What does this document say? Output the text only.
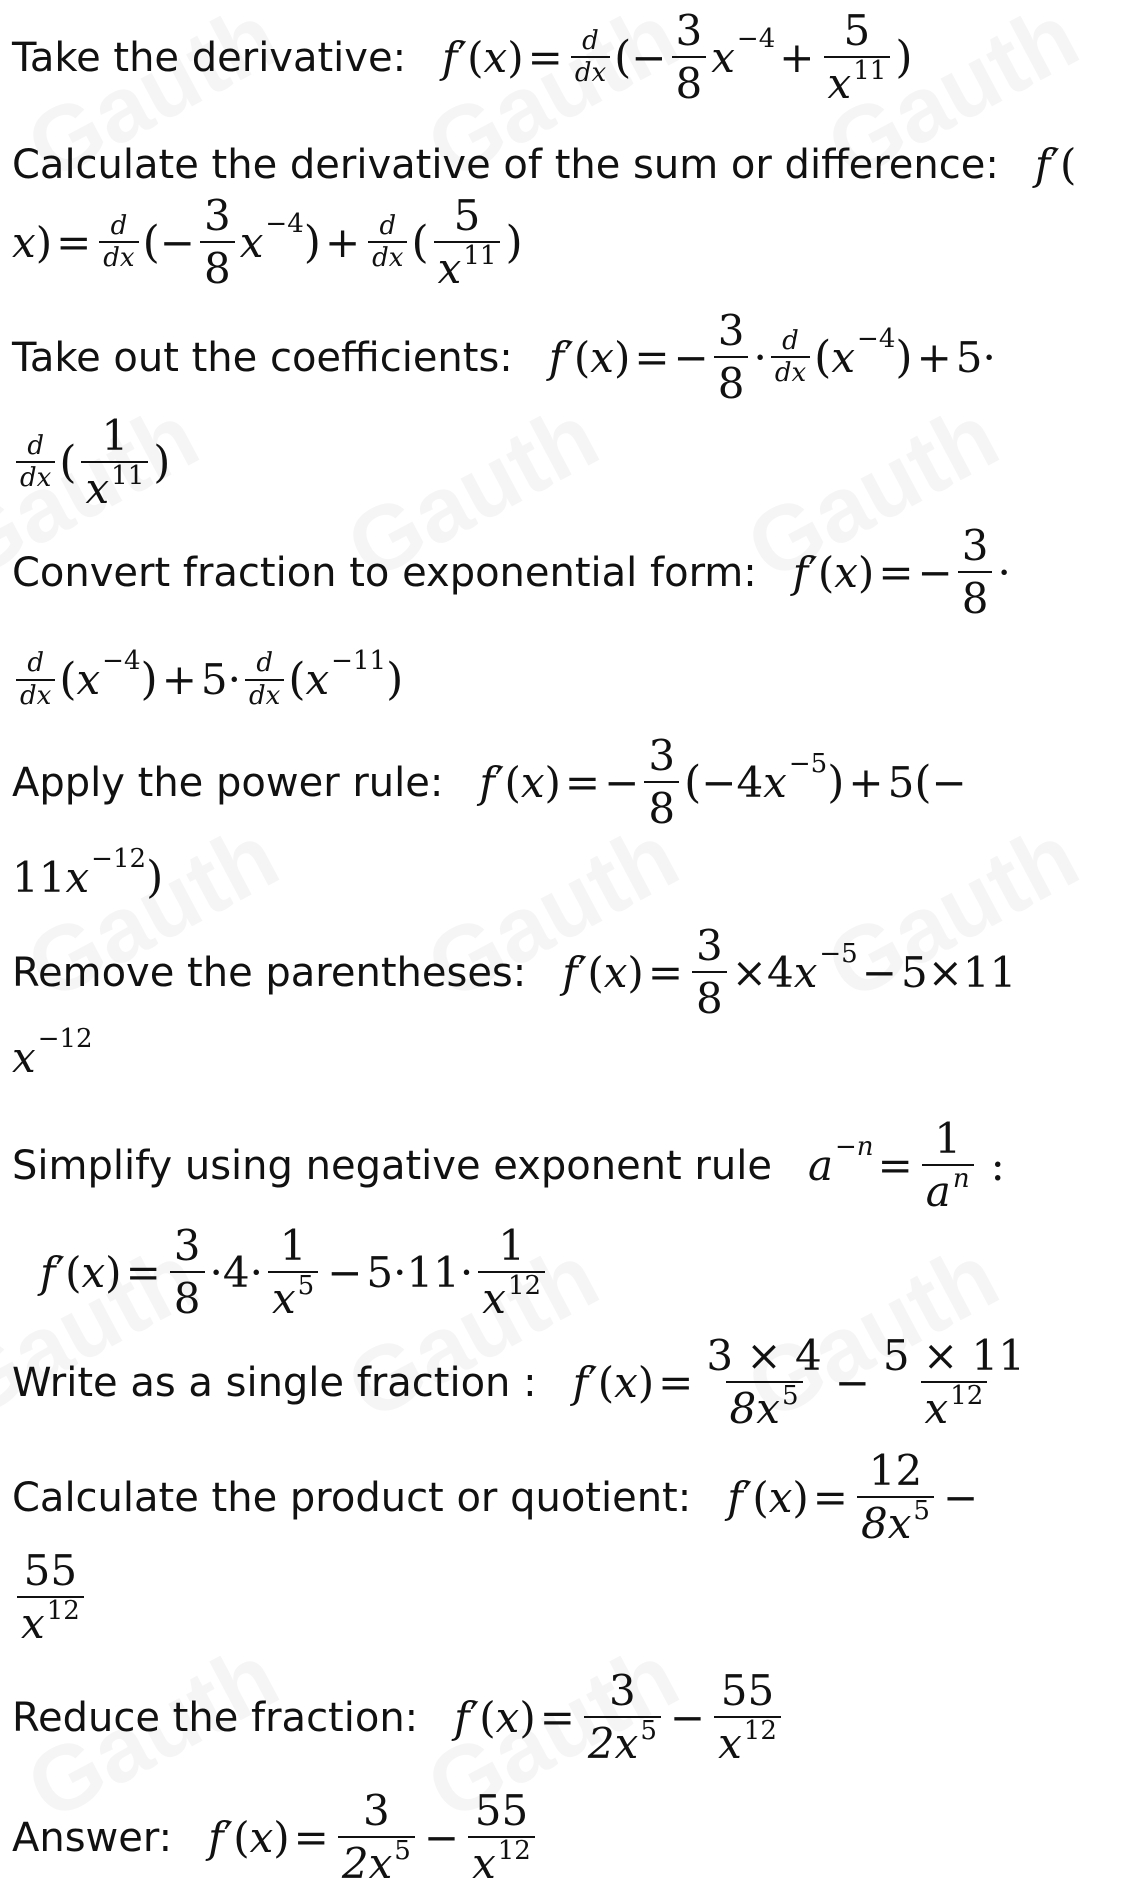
Take the derivative: f ′ ( x ) = $\frac{d}{dx}$ ( − $\frac{3}{8}$ $x -4 + \frac{5}{x^{11}}$ )
Calculate the derivative of the sum or difference: f ′ (
x ) = $\frac{d}{dx}$ ( − $\frac{3}{8}$ x −4 ) + $\frac{d}{dx}$ ( $\frac{5}{x^{11}}$ )
Take out the coefficients: f ′ ( x ) = − $\frac{3}{8} \cdot \frac{d}{dx}$ ( x −4 ) + 5·
$\frac{d}{dx}$ ( $\frac{1}{x^{11}}$ )
Convert fraction to exponential form: f ′ ( x ) = − $\frac{3}{8}$ ·
$\frac{d}{dx}$ ( x −4 ) + $5\cdot \frac{d}{dx}$ ( x −11 )
Apply the power rule: f ′ ( x ) = − $\frac{3}{8}$ ( − 4 x −5 ) + 5 ( −
11 x −12 )
Remove the parentheses: f ′ ( x ) = $\frac{3}{8} \times 4$ x −5 − 5 × 11
x −12
Simplify using negative exponent rule $a -n = \frac{1}{a^n}$ :
f ′ ( x ) = $\frac{3}{8} \cdot 4\cdot \frac{1}{x^5} - 5\cdot 11\cdot \frac{1}{x^{12}}$
Write as a single fraction : f ′ ( x ) = $\frac{3 \times 4}{8x^5} - \frac{5 \times 11}{x^{12}}$
Calculate the product or quotient: f ′ ( x ) = $\frac{12}{8x^5}$ −
$\frac{55}{x^{12}}$
Reduce the fraction: f ′ ( x ) = $\frac{3}{2x^5} - \frac{55}{x^{12}}$
Answer: f ′ ( x ) = $\frac{3}{2x^5} - \frac{55}{x^{12}}$
